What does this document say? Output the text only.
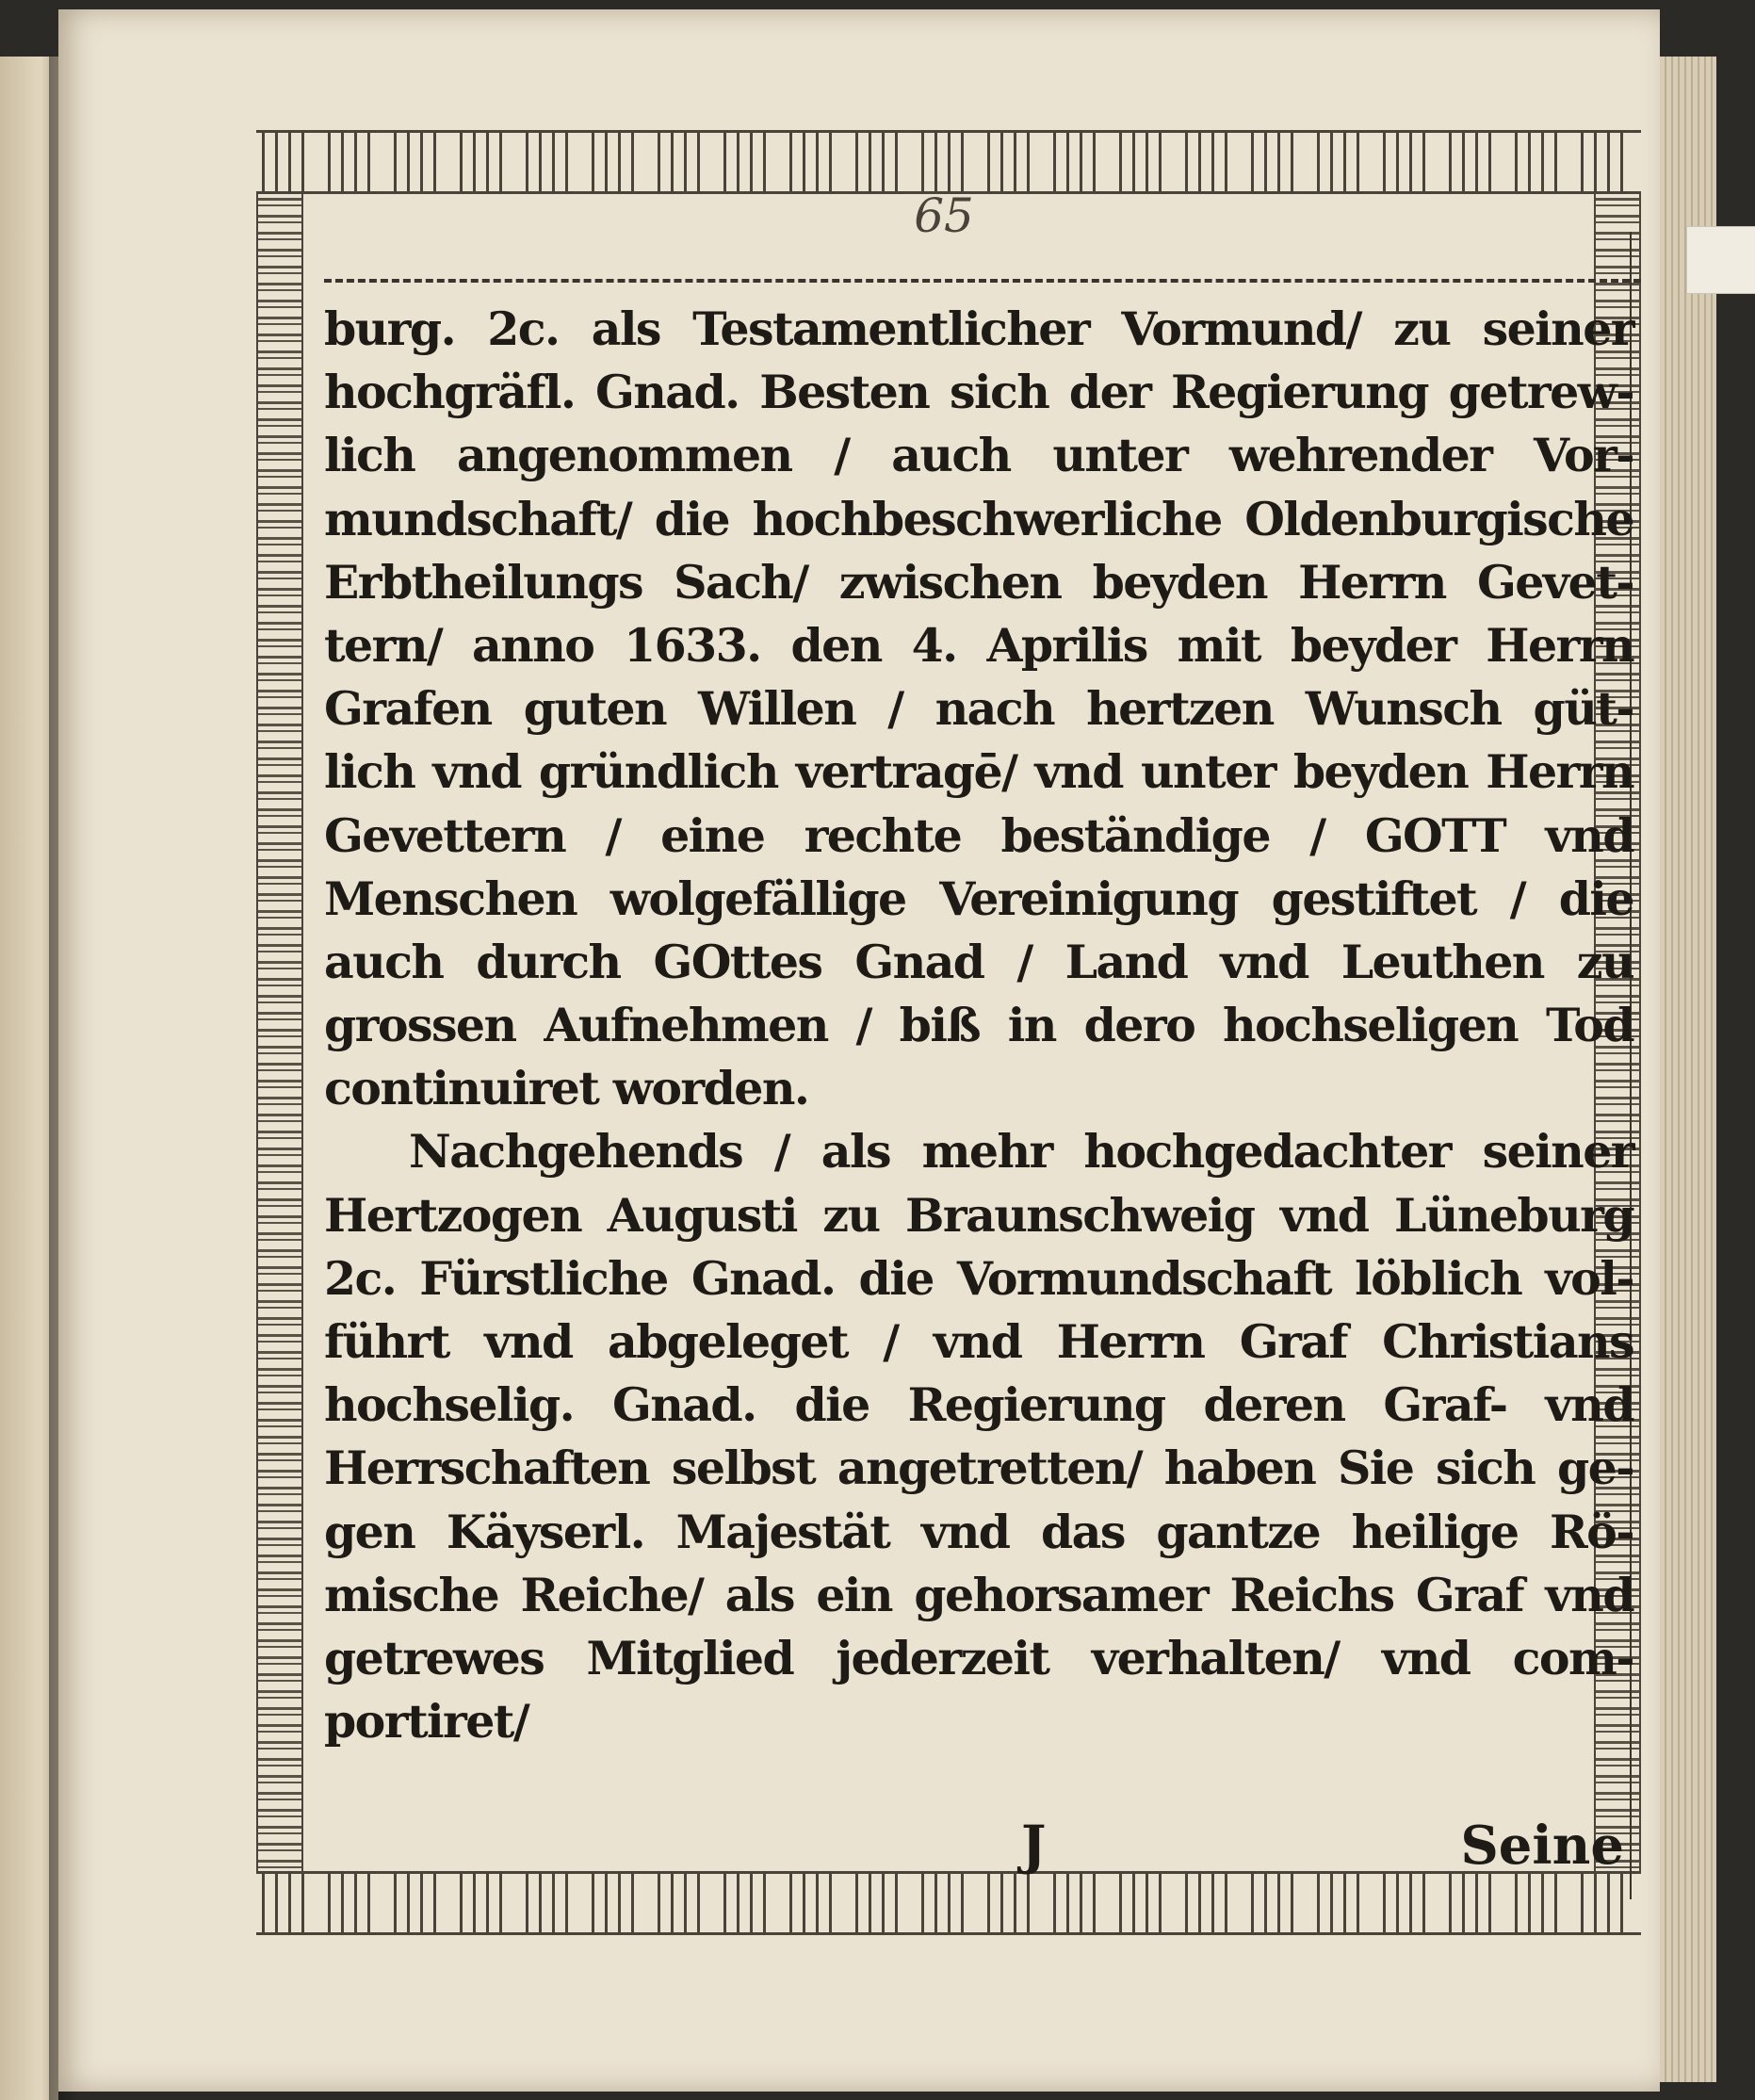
65
burg. 2c. als Testamentlicher Vormund/ zu seiner
hochgräfl. Gnad. Besten sich der Regierung getrew-
lich angenommen / auch unter wehrender Vor-
mundschaft/ die hochbeschwerliche Oldenburgische
Erbtheilungs Sach/ zwischen beyden Herrn Gevet-
tern/ anno 1633. den 4. Aprilis mit beyder Herrn
Grafen guten Willen / nach hertzen Wunsch güt-
lich vnd gründlich vertragē/ vnd unter beyden Herrn
Gevettern / eine rechte beständige / GOTT vnd
Menschen wolgefällige Vereinigung gestiftet / die
auch durch GOttes Gnad / Land vnd Leuthen zu
grossen Aufnehmen / biß in dero hochseligen Tod
continuiret worden.
Nachgehends / als mehr hochgedachter seiner
Hertzogen Augusti zu Braunschweig vnd Lüneburg
2c. Fürstliche Gnad. die Vormundschaft löblich vol-
führt vnd abgeleget / vnd Herrn Graf Christians
hochselig. Gnad. die Regierung deren Graf- vnd
Herrschaften selbst angetretten/ haben Sie sich ge-
gen Käyserl. Majestät vnd das gantze heilige Rö-
mische Reiche/ als ein gehorsamer Reichs Graf vnd
getrewes Mitglied jederzeit verhalten/ vnd com-
portiret/
J	Seine
